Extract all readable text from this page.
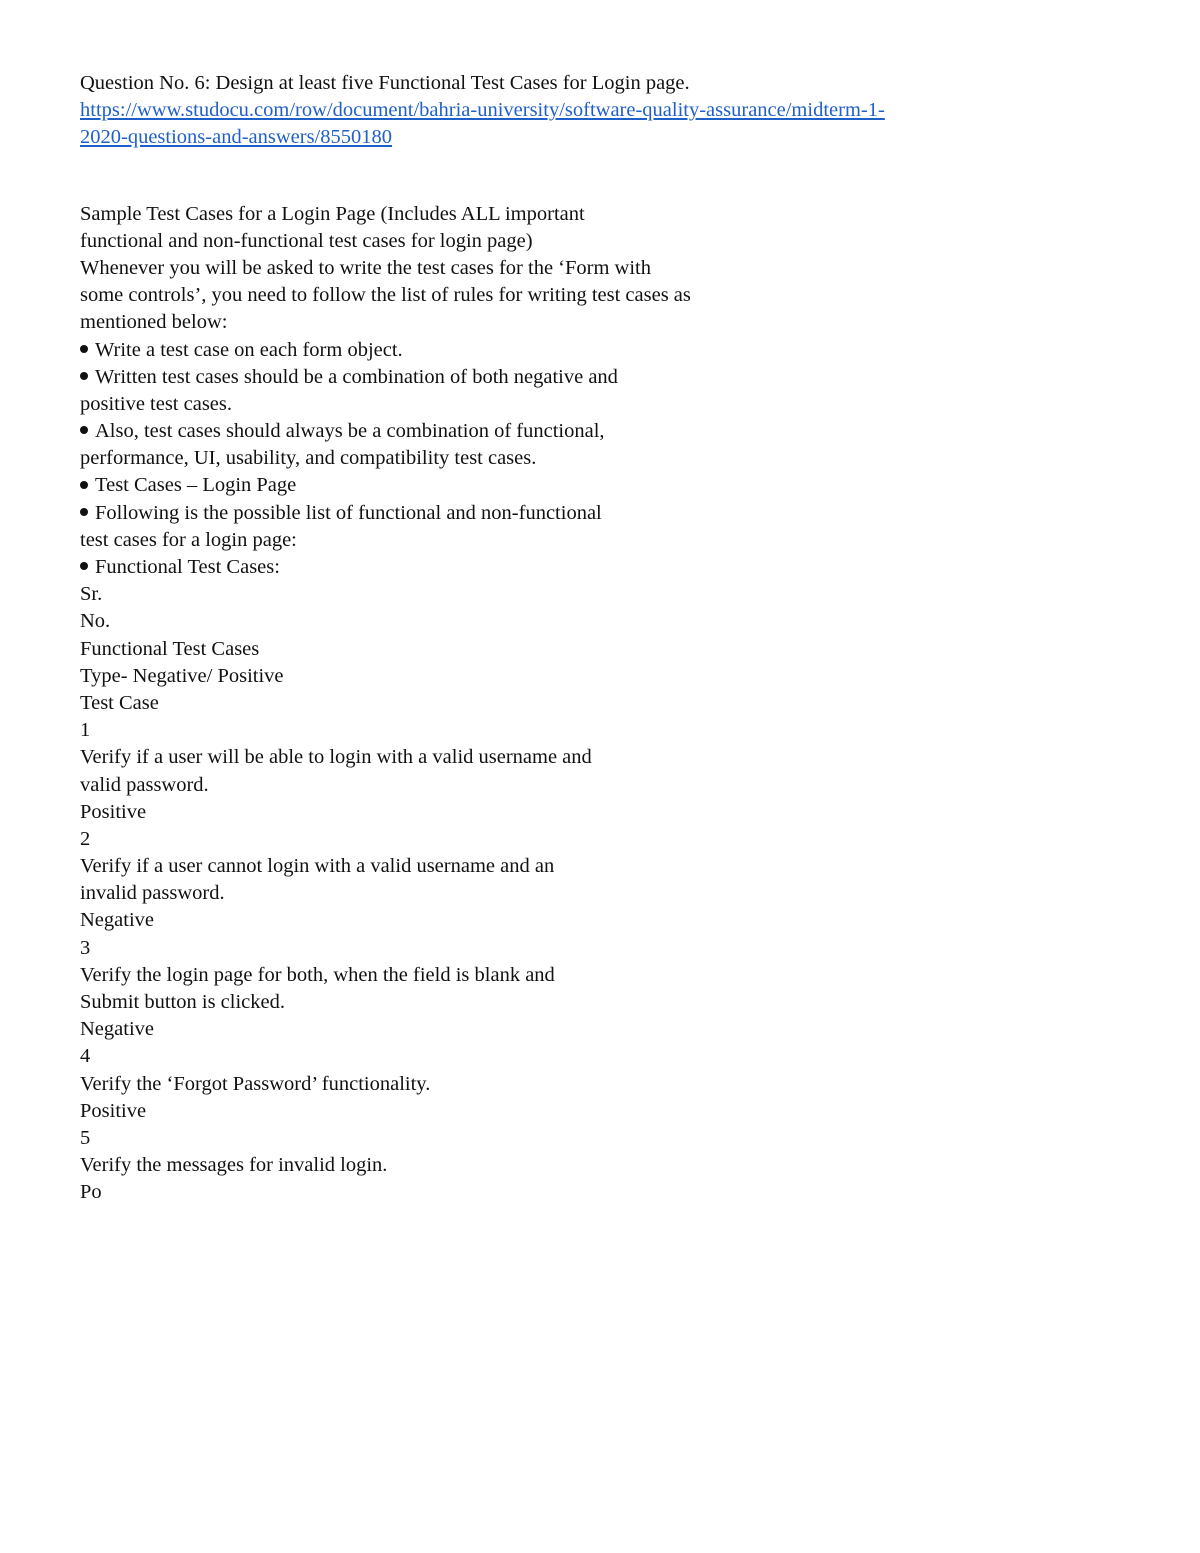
Question No. 6: Design at least five Functional Test Cases for Login page.
https://www.studocu.com/row/document/bahria-university/software-quality-assurance/midterm-1-
2020-questions-and-answers/8550180
Sample Test Cases for a Login Page (Includes ALL important
functional and non-functional test cases for login page)
Whenever you will be asked to write the test cases for the ‘Form with
some controls’, you need to follow the list of rules for writing test cases as
mentioned below:
Write a test case on each form object.
Written test cases should be a combination of both negative and
positive test cases.
Also, test cases should always be a combination of functional,
performance, UI, usability, and compatibility test cases.
Test Cases – Login Page
Following is the possible list of functional and non-functional
test cases for a login page:
Functional Test Cases:
Sr.
No.
Functional Test Cases
Type- Negative/ Positive
Test Case
1
Verify if a user will be able to login with a valid username and
valid password.
Positive
2
Verify if a user cannot login with a valid username and an
invalid password.
Negative
3
Verify the login page for both, when the field is blank and
Submit button is clicked.
Negative
4
Verify the ‘Forgot Password’ functionality.
Positive
5
Verify the messages for invalid login.
Po
